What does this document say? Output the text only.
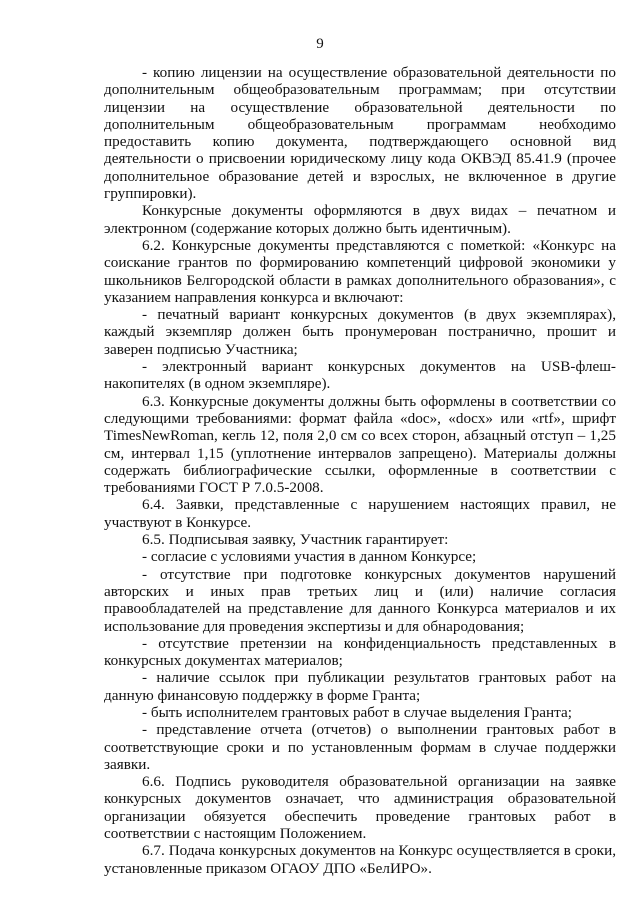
9

- копию лицензии на осуществление образовательной деятельности по дополнительным общеобразовательным программам; при отсутствии лицензии на осуществление образовательной деятельности по дополнительным общеобразовательным программам необходимо предоставить копию документа, подтверждающего основной вид деятельности о присвоении юридическому лицу кода ОКВЭД 85.41.9 (прочее дополнительное образование детей и взрослых, не включенное в другие группировки).

Конкурсные документы оформляются в двух видах – печатном и электронном (содержание которых должно быть идентичным).

6.2. Конкурсные документы представляются с пометкой: «Конкурс на соискание грантов по формированию компетенций цифровой экономики у школьников Белгородской области в рамках дополнительного образования», с указанием направления конкурса и включают:

- печатный вариант конкурсных документов (в двух экземплярах), каждый экземпляр должен быть пронумерован постранично, прошит и заверен подписью Участника;

- электронный вариант конкурсных документов на USB-флеш-накопителях (в одном экземпляре).

6.3. Конкурсные документы должны быть оформлены в соответствии со следующими требованиями: формат файла «doc», «docx» или «rtf», шрифт TimesNewRoman, кегль 12, поля 2,0 см со всех сторон, абзацный отступ – 1,25 см, интервал 1,15 (уплотнение интервалов запрещено). Материалы должны содержать библиографические ссылки, оформленные в соответствии с требованиями ГОСТ Р 7.0.5-2008.

6.4. Заявки, представленные с нарушением настоящих правил, не участвуют в Конкурсе.

6.5. Подписывая заявку, Участник гарантирует:

- согласие с условиями участия в данном Конкурсе;

- отсутствие при подготовке конкурсных документов нарушений авторских и иных прав третьих лиц и (или) наличие согласия правообладателей на представление для данного Конкурса материалов и их использование для проведения экспертизы и для обнародования;

- отсутствие претензии на конфиденциальность представленных в конкурсных документах материалов;

- наличие ссылок при публикации результатов грантовых работ на данную финансовую поддержку в форме Гранта;

- быть исполнителем грантовых работ в случае выделения Гранта;

- представление отчета (отчетов) о выполнении грантовых работ в соответствующие сроки и по установленным формам в случае поддержки заявки.

6.6. Подпись руководителя образовательной организации на заявке конкурсных документов означает, что администрация образовательной организации обязуется обеспечить проведение грантовых работ в соответствии с настоящим Положением.

6.7. Подача конкурсных документов на Конкурс осуществляется в сроки, установленные приказом ОГАОУ ДПО «БелИРО».
